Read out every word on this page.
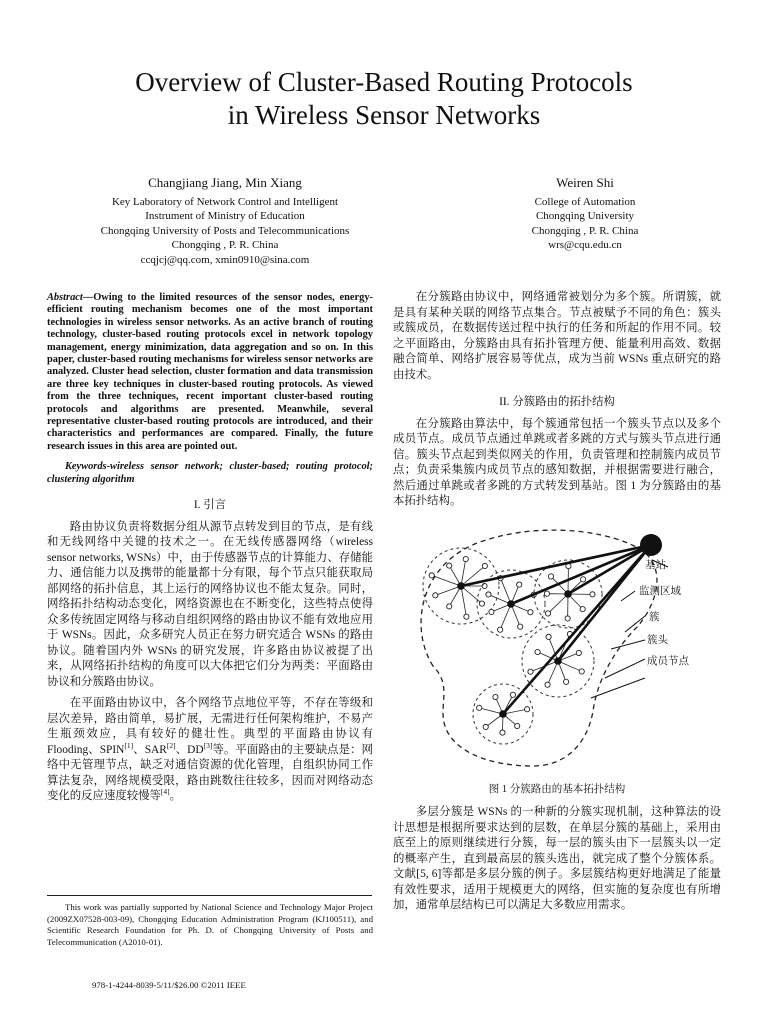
Overview of Cluster-Based Routing Protocols
in Wireless Sensor Networks
Changjiang Jiang, Min Xiang
Key Laboratory of Network Control and Intelligent
Instrument of Ministry of Education
Chongqing University of Posts and Telecommunications
Chongqing , P. R. China
ccqjcj@qq.com, xmin0910@sina.com
Weiren Shi
College of Automation
Chongqing University
Chongqing , P. R. China
wrs@cqu.edu.cn
Abstract—Owing to the limited resources of the sensor nodes, energy-efficient routing mechanism becomes one of the most important technologies in wireless sensor networks. As an active branch of routing technology, cluster-based routing protocols excel in network topology management, energy minimization, data aggregation and so on. In this paper, cluster-based routing mechanisms for wireless sensor networks are analyzed. Cluster head selection, cluster formation and data transmission are three key techniques in cluster-based routing protocols. As viewed from the three techniques, recent important cluster-based routing protocols and algorithms are presented. Meanwhile, several representative cluster-based routing protocols are introduced, and their characteristics and performances are compared. Finally, the future research issues in this area are pointed out.
Keywords-wireless sensor network; cluster-based; routing protocol; clustering algorithm
I. 引言

路由协议负责将数据分组从源节点转发到目的节点，是有线和无线网络中关键的技术之一。在无线传感器网络（wireless sensor networks, WSNs）中，由于传感器节点的计算能力、存储能力、通信能力以及携带的能量都十分有限，每个节点只能获取局部网络的拓扑信息，其上运行的网络协议也不能太复杂。同时，网络拓扑结构动态变化，网络资源也在不断变化，这些特点使得众多传统固定网络与移动自组织网络的路由协议不能有效地应用于 WSNs。因此，众多研究人员正在努力研究适合 WSNs 的路由协议。随着国内外 WSNs 的研究发展，许多路由协议被提了出来，从网络拓扑结构的角度可以大体把它们分为两类：平面路由协议和分簇路由协议。

在平面路由协议中，各个网络节点地位平等，不存在等级和层次差异，路由简单，易扩展，无需进行任何架构维护，不易产生瓶颈效应，具有较好的健壮性。典型的平面路由协议有 Flooding、SPIN[1]、SAR[2]、DD[3]等。平面路由的主要缺点是：网络中无管理节点，缺乏对通信资源的优化管理，自组织协同工作算法复杂，网络规模受限，路由跳数往往较多，因而对网络动态变化的反应速度较慢等[4]。

在分簇路由协议中，网络通常被划分为多个簇。所谓簇，就是具有某种关联的网络节点集合。节点被赋予不同的角色：簇头或簇成员，在数据传送过程中执行的任务和所起的作用不同。较之平面路由，分簇路由具有拓扑管理方便、能量利用高效、数据融合简单、网络扩展容易等优点，成为当前 WSNs 重点研究的路由技术。

II. 分簇路由的拓扑结构

在分簇路由算法中，每个簇通常包括一个簇头节点以及多个成员节点。成员节点通过单跳或者多跳的方式与簇头节点进行通信。簇头节点起到类似网关的作用，负责管理和控制簇内成员节点；负责采集簇内成员节点的感知数据，并根据需要进行融合，然后通过单跳或者多跳的方式转发到基站。图 1 为分簇路由的基本拓扑结构。

基站
监测区域
簇
簇头
成员节点
图 1 分簇路由的基本拓扑结构

多层分簇是 WSNs 的一种新的分簇实现机制，这种算法的设计思想是根据所要求达到的层数，在单层分簇的基础上，采用由底至上的原则继续进行分簇，每一层的簇头由下一层簇头以一定的概率产生，直到最高层的簇头选出，就完成了整个分簇体系。文献[5, 6]等都是多层分簇的例子。多层簇结构更好地满足了能量有效性要求，适用于规模更大的网络，但实施的复杂度也有所增加，通常单层结构已可以满足大多数应用需求。

This work was partially supported by National Science and Technology Major Project (2009ZX07528-003-09), Chongqing Education Administration Program (KJ100511), and Scientific Research Foundation for Ph. D. of Chongqing University of Posts and Telecommunication (A2010-01).
978-1-4244-8039-5/11/$26.00 ©2011 IEEE
